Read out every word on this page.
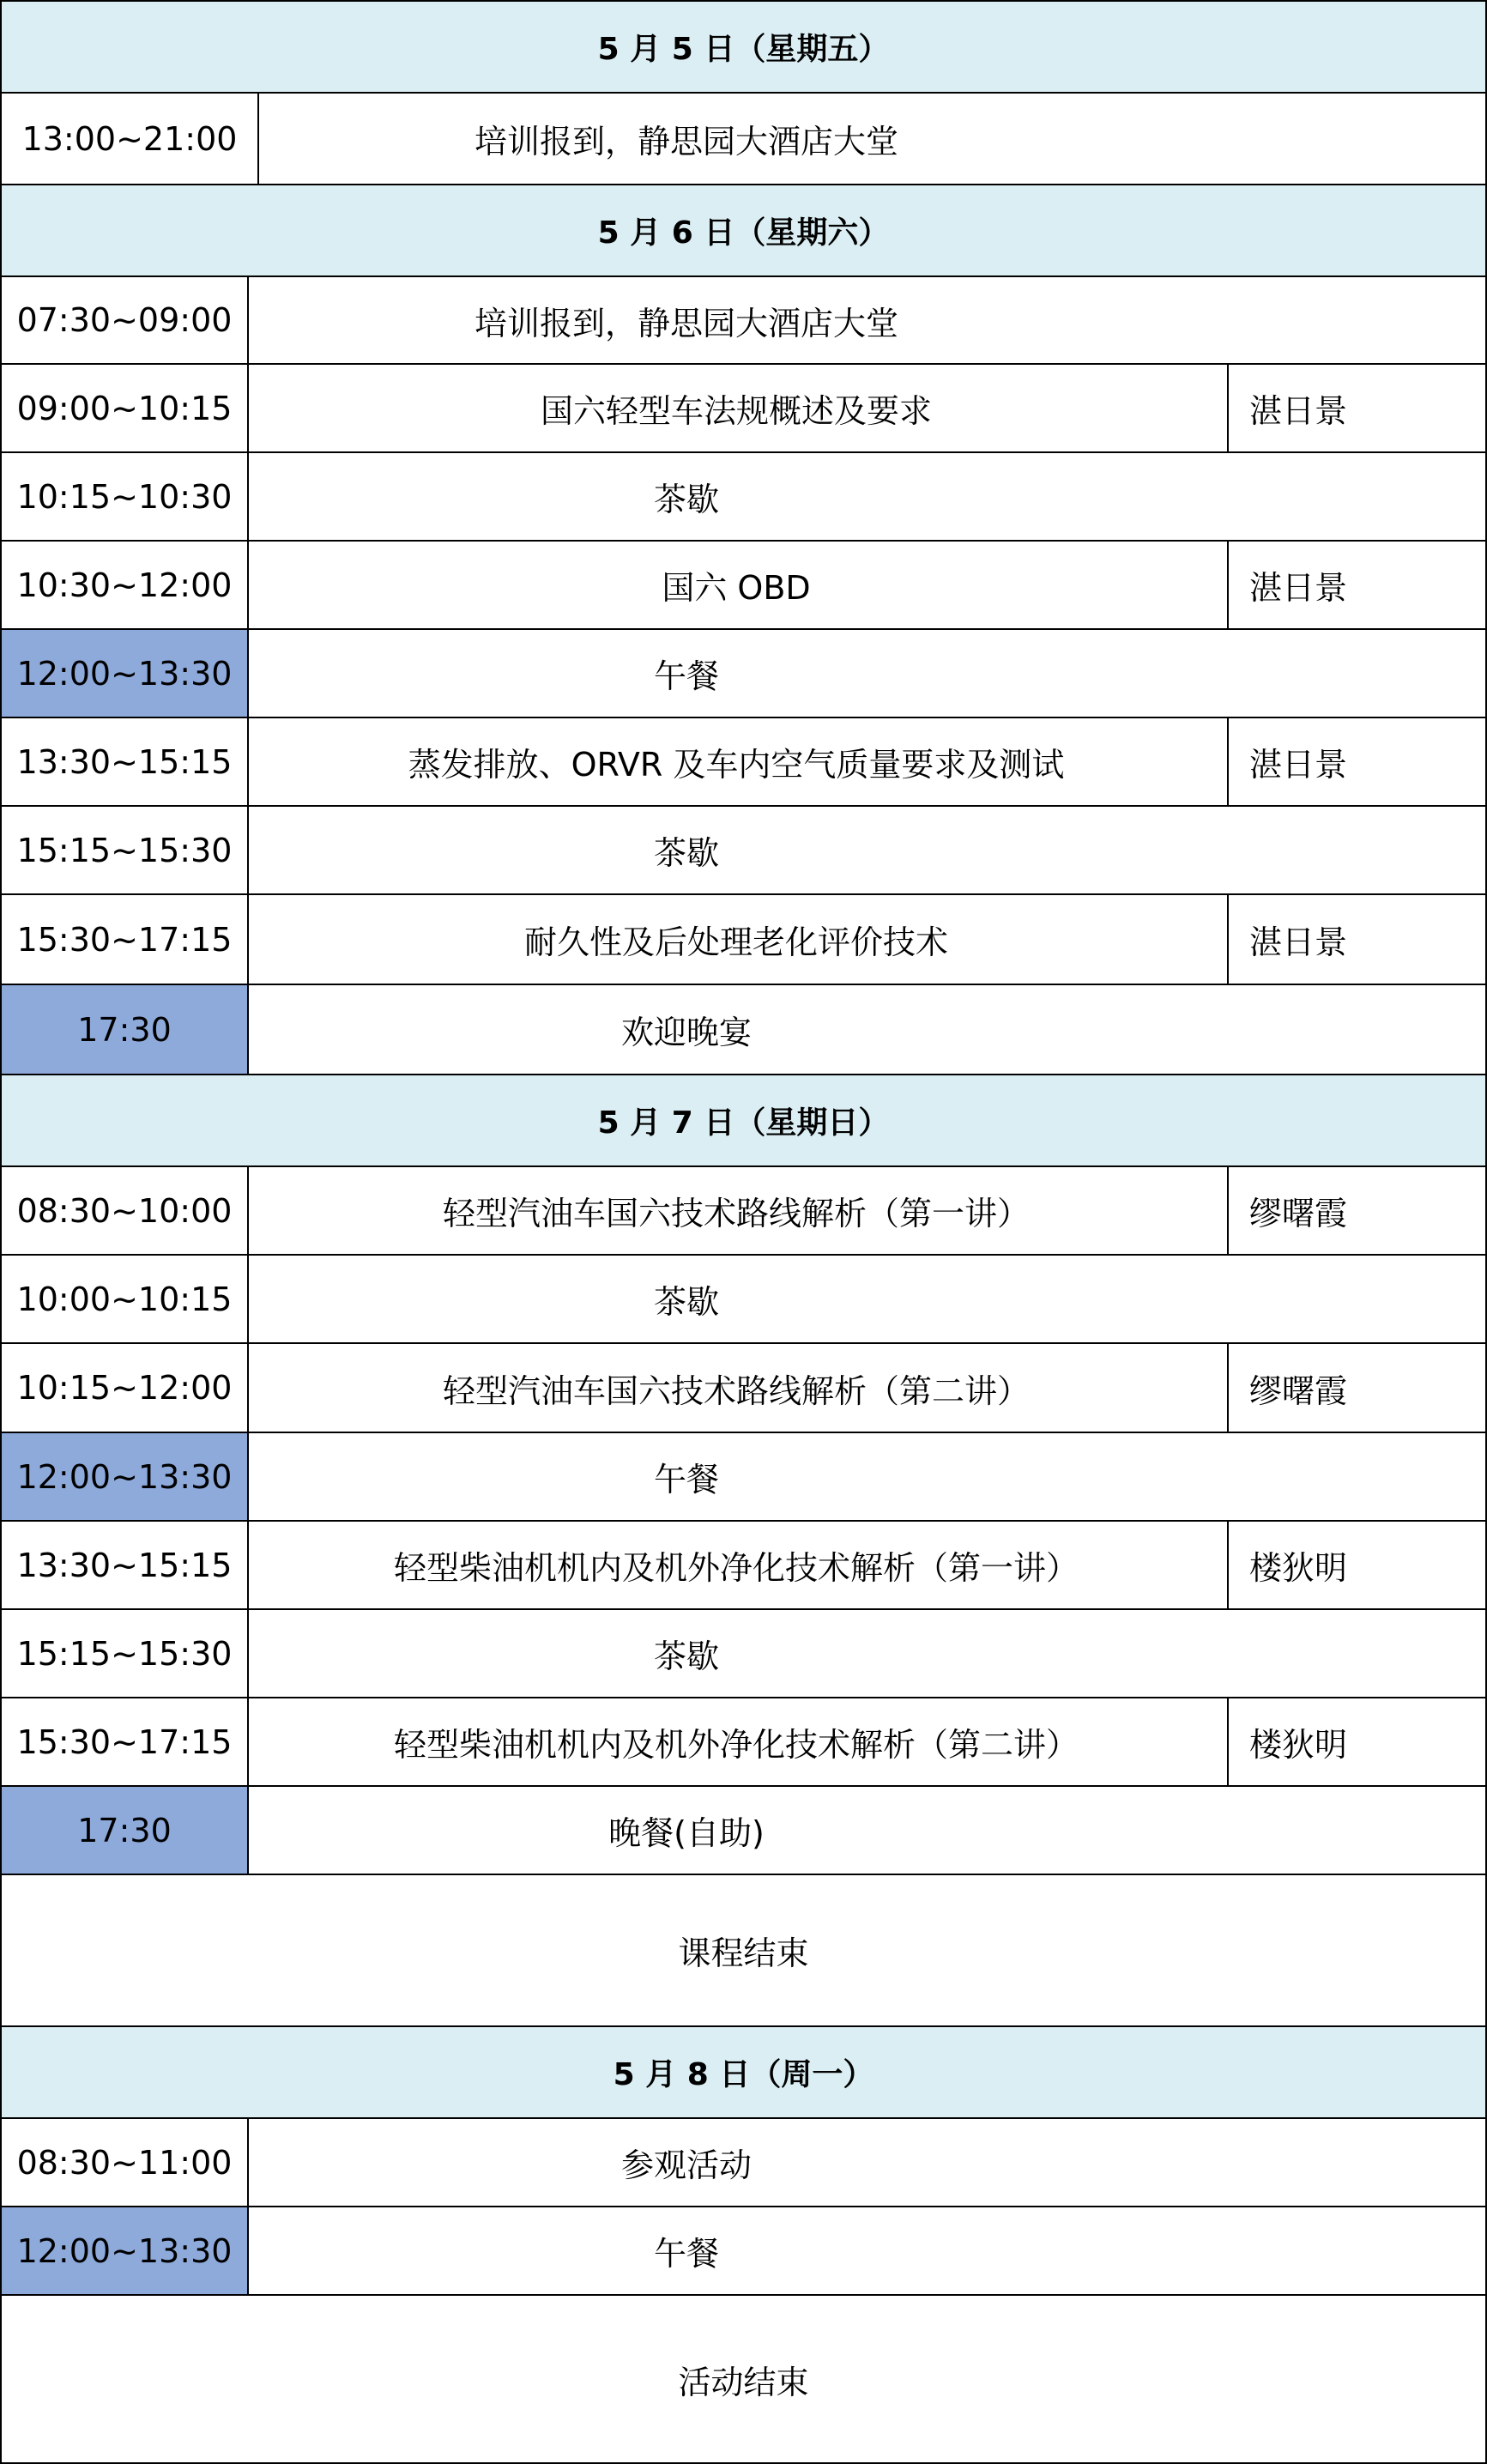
5 月 5 日（星期五）
13:00~21:00	培训报到，静思园大酒店大堂
5 月 6 日（星期六）
07:30~09:00	培训报到，静思园大酒店大堂
09:00~10:15	国六轻型车法规概述及要求	湛日景
10:15~10:30	茶歇
10:30~12:00	国六 OBD	湛日景
12:00~13:30	午餐
13:30~15:15	蒸发排放、ORVR 及车内空气质量要求及测试	湛日景
15:15~15:30	茶歇
15:30~17:15	耐久性及后处理老化评价技术	湛日景
17:30	欢迎晚宴
5 月 7 日（星期日）
08:30~10:00	轻型汽油车国六技术路线解析（第一讲）	缪曙霞
10:00~10:15	茶歇
10:15~12:00	轻型汽油车国六技术路线解析（第二讲）	缪曙霞
12:00~13:30	午餐
13:30~15:15	轻型柴油机机内及机外净化技术解析（第一讲）	楼狄明
15:15~15:30	茶歇
15:30~17:15	轻型柴油机机内及机外净化技术解析（第二讲）	楼狄明
17:30	晚餐(自助)
课程结束
5 月 8 日（周一）
08:30~11:00	参观活动
12:00~13:30	午餐
活动结束
